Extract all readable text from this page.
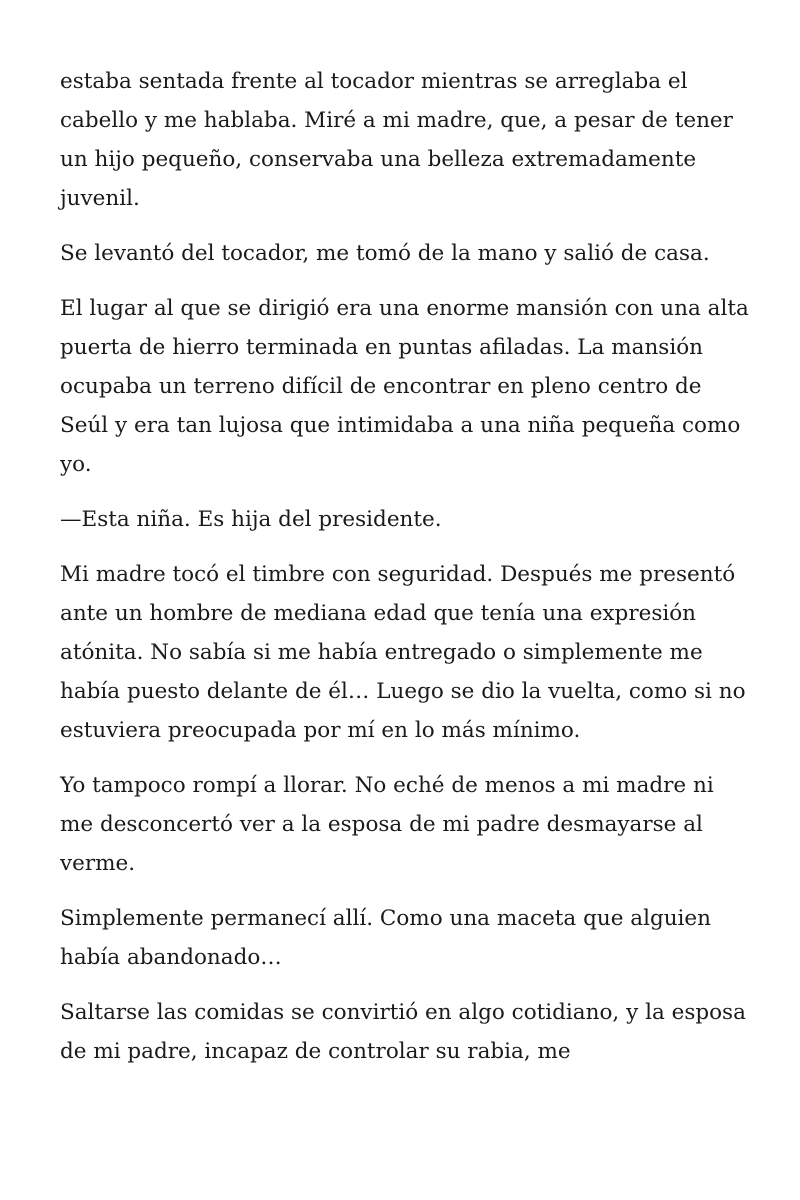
estaba sentada frente al tocador mientras se arreglaba el cabello y me hablaba. Miré a mi madre, que, a pesar de tener un hijo pequeño, conservaba una belleza extremadamente juvenil.

Se levantó del tocador, me tomó de la mano y salió de casa.

El lugar al que se dirigió era una enorme mansión con una alta puerta de hierro terminada en puntas afiladas. La mansión ocupaba un terreno difícil de encontrar en pleno centro de Seúl y era tan lujosa que intimidaba a una niña pequeña como yo.

—Esta niña. Es hija del presidente.

Mi madre tocó el timbre con seguridad. Después me presentó ante un hombre de mediana edad que tenía una expresión atónita. No sabía si me había entregado o simplemente me había puesto delante de él… Luego se dio la vuelta, como si no estuviera preocupada por mí en lo más mínimo.

Yo tampoco rompí a llorar. No eché de menos a mi madre ni me desconcertó ver a la esposa de mi padre desmayarse al verme.

Simplemente permanecí allí. Como una maceta que alguien había abandonado…

Saltarse las comidas se convirtió en algo cotidiano, y la esposa de mi padre, incapaz de controlar su rabia, me
